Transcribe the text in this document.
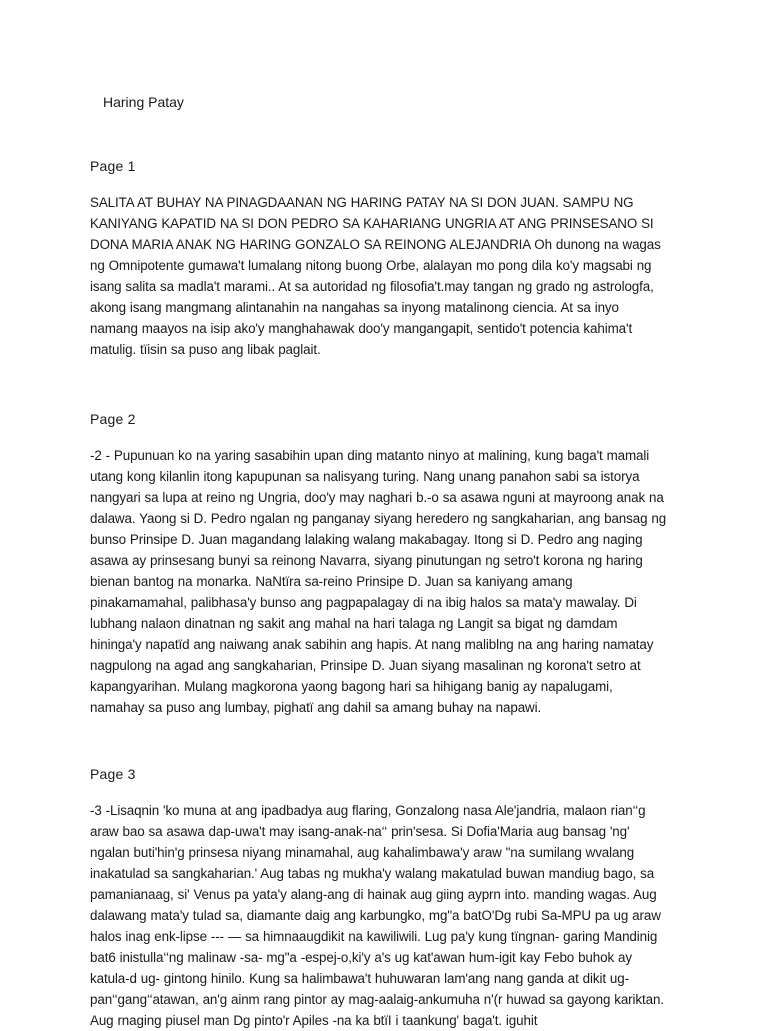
Haring Patay
Page 1

SALITA AT BUHAY NA PINAGDAANAN NG HARING PATAY NA SI DON JUAN. SAMPU NG KANIYANG KAPATID NA SI DON PEDRO SA KAHARIANG UNGRIA AT ANG PRINSESANO SI DONA MARIA ANAK NG HARING GONZALO SA REINONG ALEJANDRIA Oh dunong na wagas ng Omnipotente gumawa't lumalang nitong buong Orbe, alalayan mo pong dila ko'y magsabi ng isang salita sa madla't marami.. At sa autoridad ng filosofia't.may tangan ng grado ng astrologfa, akong isang mangmang alintanahin na nangahas sa inyong matalinong ciencia. At sa inyo namang maayos na isip ako'y manghahawak doo'y mangangapit, sentido't potencia kahima't matulig. tïisin sa puso ang libak paglait.

Page 2

-2 - Pupunuan ko na yaring sasabihin upan ding matanto ninyo at malining, kung baga't mamali utang kong kilanlin itong kapupunan sa nalisyang turing. Nang unang panahon sabi sa istorya nangyari sa lupa at reino ng Ungria, doo'y may naghari b.-o sa asawa nguni at mayroong anak na dalawa. Yaong si D. Pedro ngalan ng panganay siyang heredero ng sangkaharian, ang bansag ng bunso Prinsipe D. Juan magandang lalaking walang makabagay. Itong si D. Pedro ang naging asawa ay prinsesang bunyi sa reinong Navarra, siyang pinutungan ng setro't korona ng haring bienan bantog na monarka. NaNtïra sa-reino Prinsipe D. Juan sa kaniyang amang pinakamamahal, palibhasa'y bunso ang pagpapalagay di na ibig halos sa mata'y mawalay. Di lubhang nalaon dinatnan ng sakit ang mahal na hari talaga ng Langit sa bigat ng damdam hininga'y napatïd ang naiwang anak sabihin ang hapis. At nang maliblng na ang haring namatay nagpulong na agad ang sangkaharian, Prinsipe D. Juan siyang masalinan ng korona't setro at kapangyarihan. Mulang magkorona yaong bagong hari sa hihigang banig ay napalugami, namahay sa puso ang lumbay, pighatï ang dahil sa amang buhay na napawi.

Page 3

-3 -Lisaqnin 'ko muna at ang ipadbadya aug flaring, Gonzalong nasa Ale'jandria, malaon rian‘‘g araw bao sa asawa dap-uwa't may isang-anak-na‘‘ prin'sesa. Si Dofia'Maria aug bansag 'ng' ngalan buti'hin'g prinsesa niyang minamahal, aug kahalimbawa'y araw "na sumilang wvalang inakatulad sa sangkaharian.' Aug tabas ng mukha'y walang makatulad buwan mandiug bago, sa pamanianaag, si' Venus pa yata'y alang-ang di hainak aug giing ayprn into. manding wagas. Aug dalawang mata'y tulad sa, diamante daig ang karbungko, mg"a batO'Dg rubi Sa-MPU pa ug araw halos inag enk-lipse --- — sa himnaaugdikit na kawiliwili. Lug pa'y kung tïngnan- garing Mandinig bat6 inistulla‘‘ng malinaw -sa- mg"a -espej-o,ki'y a's ug kat'awan hum-igit kay Febo buhok ay katula-d ug- gintong hinilo. Kung sa halimbawa't huhuwaran lam'ang nang ganda at dikit ug- pan‘‘gang‘‘atawan, an'g ainm rang pintor ay mag-aalaig-ankumuha n'(r huwad sa gayong kariktan. Aug rnaging piusel man Dg pinto'r Apiles -na ka btïI i taankung' baga't. iguhit
